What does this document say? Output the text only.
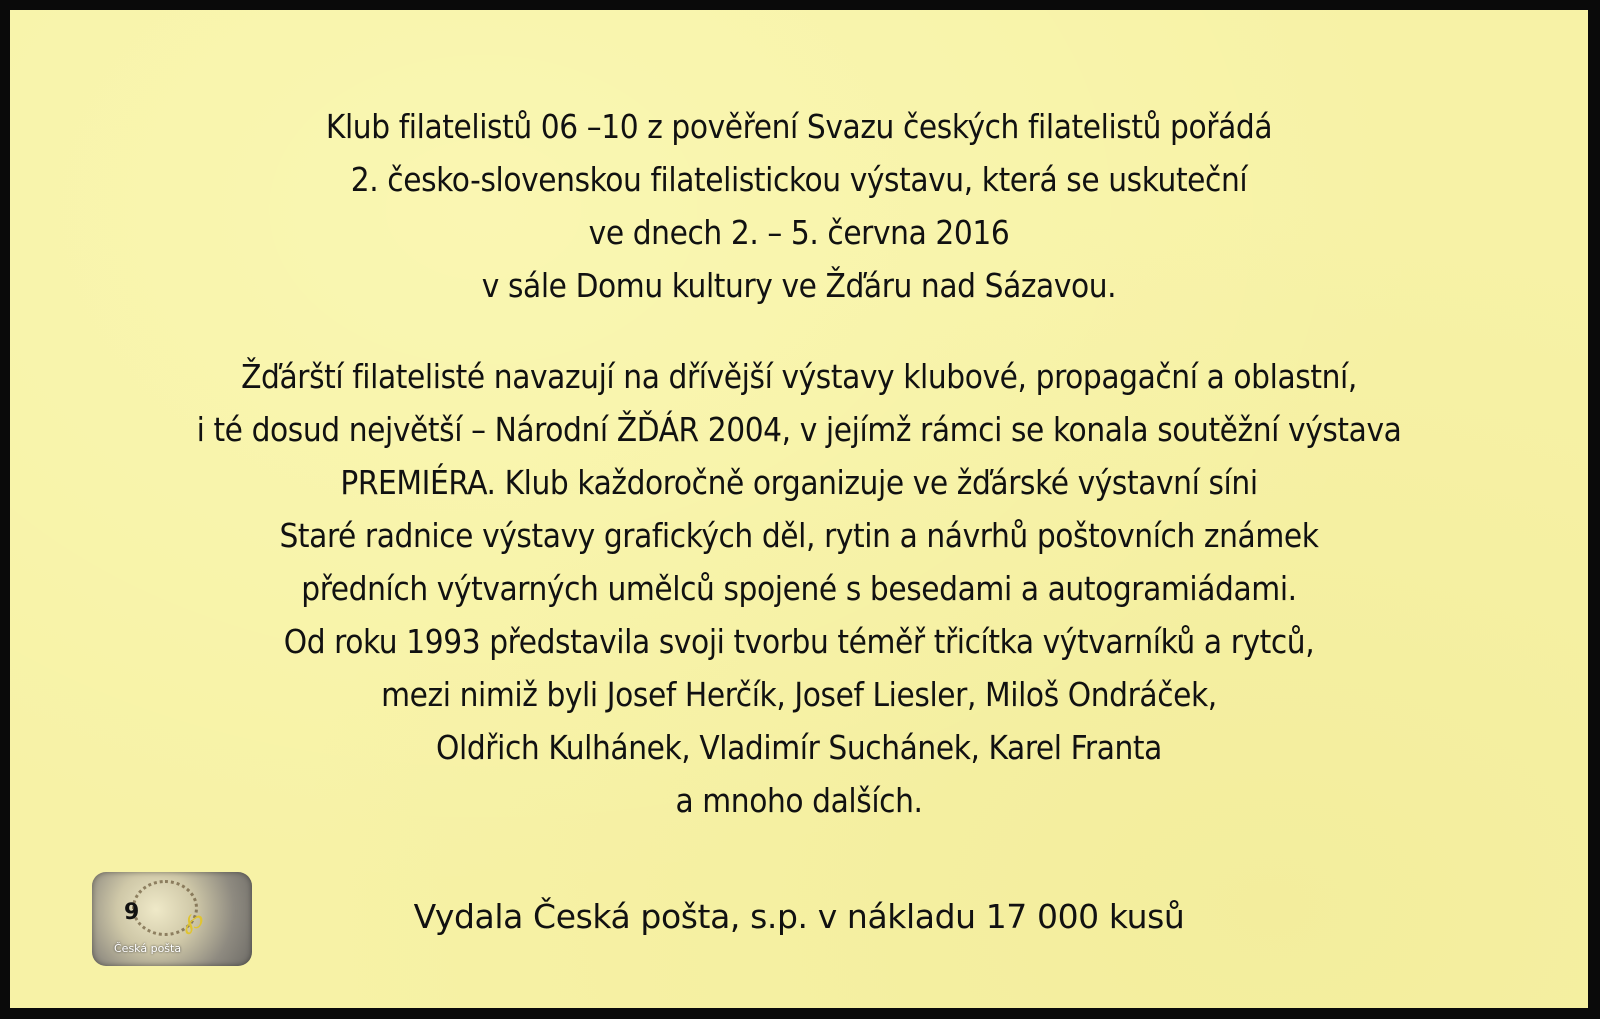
Klub filatelistů 06 –10 z pověření Svazu českých filatelistů pořádá
2. česko-slovenskou filatelistickou výstavu, která se uskuteční
ve dnech 2. – 5. června 2016
v sále Domu kultury ve Žďáru nad Sázavou.
Žďárští filatelisté navazují na dřívější výstavy klubové, propagační a oblastní,
i té dosud největší – Národní ŽĎÁR 2004, v jejímž rámci se konala soutěžní výstava
PREMIÉRA. Klub každoročně organizuje ve žďárské výstavní síni
Staré radnice výstavy grafických děl, rytin a návrhů poštovních známek
předních výtvarných umělců spojené s besedami a autogramiádami.
Od roku 1993 představila svoji tvorbu téměř třicítka výtvarníků a rytců,
mezi nimiž byli Josef Herčík, Josef Liesler, Miloš Ondráček,
Oldřich Kulhánek, Vladimír Suchánek, Karel Franta
a mnoho dalších.
9 ℘
Česká pošta
Vydala Česká pošta, s.p. v nákladu 17 000 kusů
